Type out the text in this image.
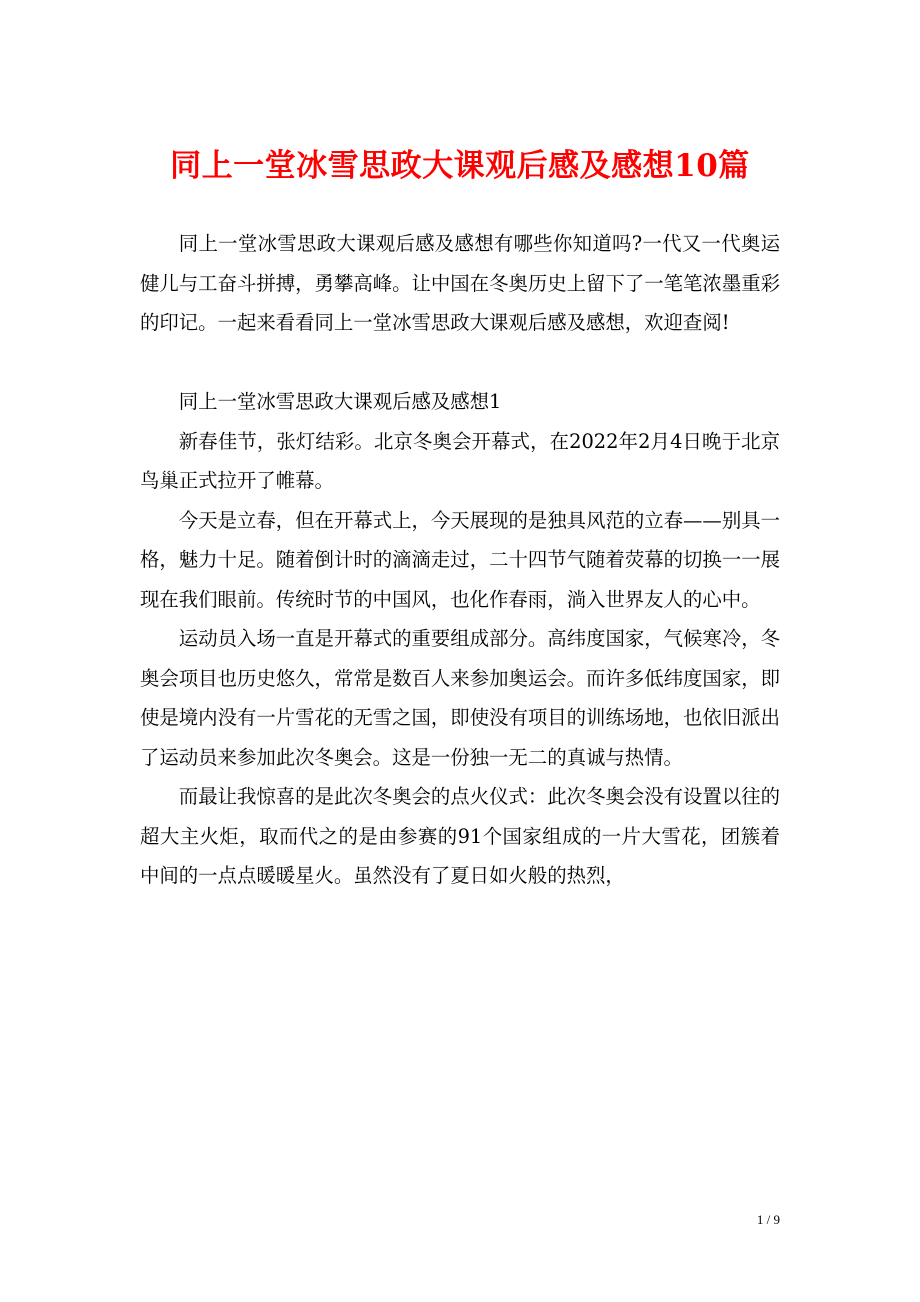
同上一堂冰雪思政大课观后感及感想10篇

同上一堂冰雪思政大课观后感及感想有哪些你知道吗?一代又一代奥运健儿与工奋斗拼搏，勇攀高峰。让中国在冬奥历史上留下了一笔笔浓墨重彩的印记。一起来看看同上一堂冰雪思政大课观后感及感想，欢迎查阅!

同上一堂冰雪思政大课观后感及感想1

新春佳节，张灯结彩。北京冬奥会开幕式，在2022年2月4日晚于北京鸟巢正式拉开了帷幕。

今天是立春，但在开幕式上，今天展现的是独具风范的立春——别具一格，魅力十足。随着倒计时的滴滴走过，二十四节气随着荧幕的切换一一展现在我们眼前。传统时节的中国风，也化作春雨，淌入世界友人的心中。

运动员入场一直是开幕式的重要组成部分。高纬度国家，气候寒冷，冬奥会项目也历史悠久，常常是数百人来参加奥运会。而许多低纬度国家，即使是境内没有一片雪花的无雪之国，即使没有项目的训练场地，也依旧派出了运动员来参加此次冬奥会。这是一份独一无二的真诚与热情。

而最让我惊喜的是此次冬奥会的点火仪式：此次冬奥会没有设置以往的超大主火炬，取而代之的是由参赛的91个国家组成的一片大雪花，团簇着中间的一点点暖暖星火。虽然没有了夏日如火般的热烈，

1 / 9
